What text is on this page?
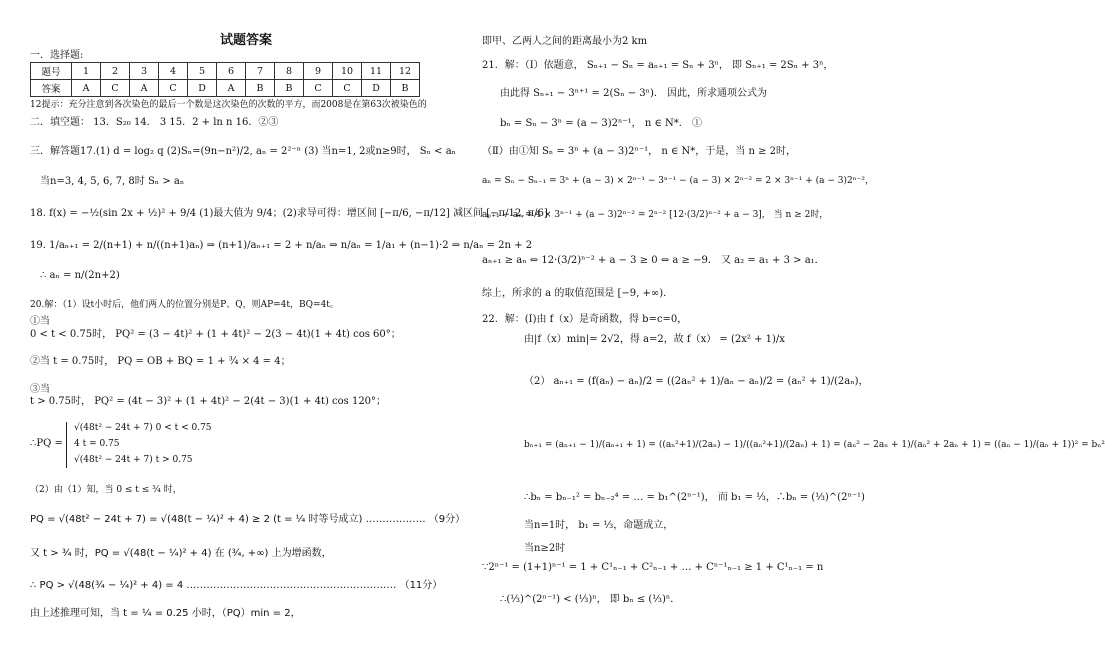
试题答案
一．选择题:
题号	1	2	3	4	5	6	7	8	9	10	11	12
答案	A	C	A	C	D	A	B	B	C	C	D	B
12提示：充分注意到各次染色的最后一个数是这次染色的次数的平方，而2008是在第63次被染色的
二．填空题： 13．S₂₀ 14． 3 15．2 + ln n 16．②③
三．解答题17.(1) d = log₂ q (2)Sₙ=(9n−n²)/2, aₙ = 2²⁻ⁿ (3) 当n=1, 2或n≥9时， Sₙ < aₙ
当n=3, 4, 5, 6, 7, 8时 Sₙ > aₙ
18. f(x) = −½(sin 2x + ½)² + 9/4 (1)最大值为 9/4；(2)求导可得：增区间 [−π/6, −π/12] 减区间 [−π/12, π/6]
19. 1/aₙ₊₁ = 2/(n+1) + n/((n+1)aₙ) ⇒ (n+1)/aₙ₊₁ = 2 + n/aₙ ⇒ n/aₙ = 1/a₁ + (n−1)·2 ⇒ n/aₙ = 2n + 2
∴ aₙ = n/(2n+2)
20.解：（1）设t小时后，他们两人的位置分别是P、Q，则AP=4t，BQ=4t。
①当
0 < t < 0.75时， PQ² = (3 − 4t)² + (1 + 4t)² − 2(3 − 4t)(1 + 4t) cos 60°；
②当 t = 0.75时， PQ = OB + BQ = 1 + ¾ × 4 = 4；
③当
t > 0.75时， PQ² = (4t − 3)² + (1 + 4t)² − 2(4t − 3)(1 + 4t) cos 120°；
∴PQ =
√(48t² − 24t + 7) 0 < t < 0.75
4 t = 0.75
√(48t² − 24t + 7) t > 0.75
（2）由（1）知，当 0 ≤ t ≤ ¾ 时，
PQ = √(48t² − 24t + 7) = √(48(t − ¼)² + 4) ≥ 2 (t = ¼ 时等号成立) ……………… （9分）
又 t > ¾ 时，PQ = √(48(t − ¼)² + 4) 在 (¾, +∞) 上为增函数，
∴ PQ > √(48(¾ − ¼)² + 4) = 4 ……………………………………………………… （11分）
由上述推理可知，当 t = ¼ = 0.25 小时，（PQ）min = 2，
即甲、乙两人之间的距离最小为2 km
21．解：（Ⅰ）依题意， Sₙ₊₁ − Sₙ = aₙ₊₁ = Sₙ + 3ⁿ， 即 Sₙ₊₁ = 2Sₙ + 3ⁿ，
由此得 Sₙ₊₁ − 3ⁿ⁺¹ = 2(Sₙ − 3ⁿ)． 因此，所求通项公式为
bₙ = Sₙ − 3ⁿ = (a − 3)2ⁿ⁻¹， n ∈ N*． ①
（Ⅱ）由①知 Sₙ = 3ⁿ + (a − 3)2ⁿ⁻¹， n ∈ N*，于是，当 n ≥ 2时，
aₙ = Sₙ − Sₙ₋₁ = 3ⁿ + (a − 3) × 2ⁿ⁻¹ − 3ⁿ⁻¹ − (a − 3) × 2ⁿ⁻² = 2 × 3ⁿ⁻¹ + (a − 3)2ⁿ⁻²，
aₙ₊₁ − aₙ = 4 × 3ⁿ⁻¹ + (a − 3)2ⁿ⁻² = 2ⁿ⁻² [12·(3/2)ⁿ⁻² + a − 3]， 当 n ≥ 2时，
aₙ₊₁ ≥ aₙ ⇔ 12·(3/2)ⁿ⁻² + a − 3 ≥ 0 ⇔ a ≥ −9． 又 a₂ = a₁ + 3 > a₁．
综上，所求的 a 的取值范围是 [−9, +∞)．
22．解：(I)由 f（x）是奇函数，得 b=c=0，
由|f（x）min|= 2√2，得 a=2，故 f（x） = (2x² + 1)/x
（2） aₙ₊₁ = (f(aₙ) − aₙ)/2 = ((2aₙ² + 1)/aₙ − aₙ)/2 = (aₙ² + 1)/(2aₙ)，
bₙ₊₁ = (aₙ₊₁ − 1)/(aₙ₊₁ + 1) = ((aₙ²+1)/(2aₙ) − 1)/((aₙ²+1)/(2aₙ) + 1) = (aₙ² − 2aₙ + 1)/(aₙ² + 2aₙ + 1) = ((aₙ − 1)/(aₙ + 1))² = bₙ²
∴bₙ = bₙ₋₁² = bₙ₋₂⁴ = … = b₁^(2ⁿ⁻¹)， 而 b₁ = ⅓，∴bₙ = (⅓)^(2ⁿ⁻¹)
当n=1时， b₁ = ⅓，命题成立，
当n≥2时
∵2ⁿ⁻¹ = (1+1)ⁿ⁻¹ = 1 + C¹ₙ₋₁ + C²ₙ₋₁ + … + Cⁿ⁻¹ₙ₋₁ ≥ 1 + C¹ₙ₋₁ = n
∴(⅓)^(2ⁿ⁻¹) < (⅓)ⁿ， 即 bₙ ≤ (⅓)ⁿ．
